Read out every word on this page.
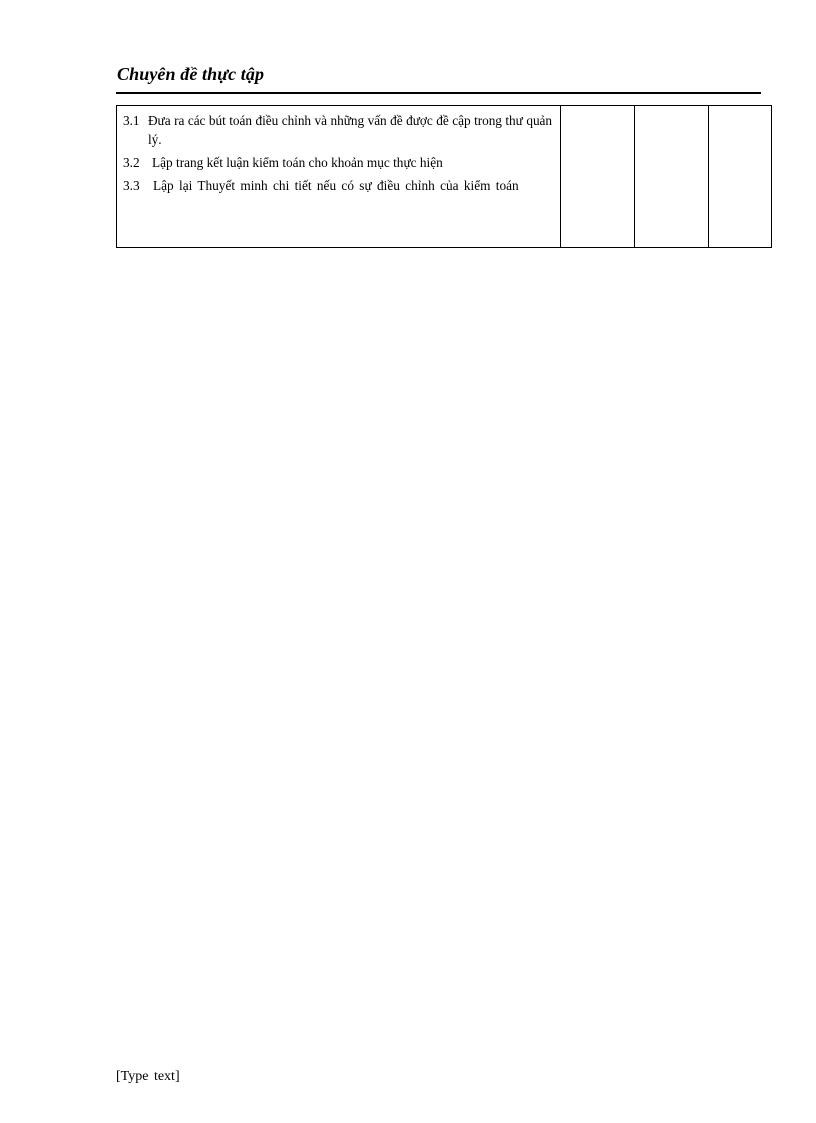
Chuyên đề thực tập
3.1 Đưa ra các bút toán điều chỉnh và những vấn đề được đề cập trong thư quản lý.
3.2 Lập trang kết luận kiểm toán cho khoản mục thực hiện
3.3 Lập lại Thuyết minh chi tiết nếu có sự điều chỉnh của kiểm toán

[Type text]
